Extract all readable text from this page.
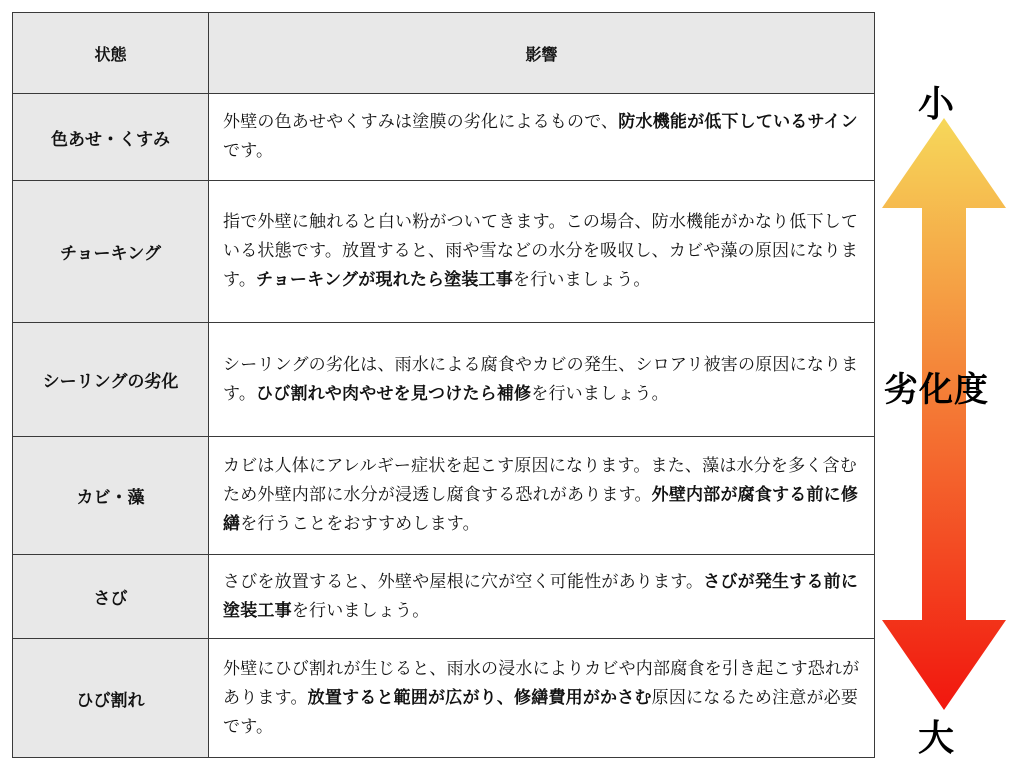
状態	影響
色あせ・くすみ	外壁の色あせやくすみは塗膜の劣化によるもので、防水機能が低下しているサインです。
チョーキング	指で外壁に触れると白い粉がついてきます。この場合、防水機能がかなり低下している状態です。放置すると、雨や雪などの水分を吸収し、カビや藻の原因になります。チョーキングが現れたら塗装工事を行いましょう。
シーリングの劣化	シーリングの劣化は、雨水による腐食やカビの発生、シロアリ被害の原因になります。ひび割れや肉やせを見つけたら補修を行いましょう。
カビ・藻	カビは人体にアレルギー症状を起こす原因になります。また、藻は水分を多く含むため外壁内部に水分が浸透し腐食する恐れがあります。外壁内部が腐食する前に修繕を行うことをおすすめします。
さび	さびを放置すると、外壁や屋根に穴が空く可能性があります。さびが発生する前に塗装工事を行いましょう。
ひび割れ	外壁にひび割れが生じると、雨水の浸水によりカビや内部腐食を引き起こす恐れがあります。放置すると範囲が広がり、修繕費用がかさむ原因になるため注意が必要です。
小
劣化度
大
